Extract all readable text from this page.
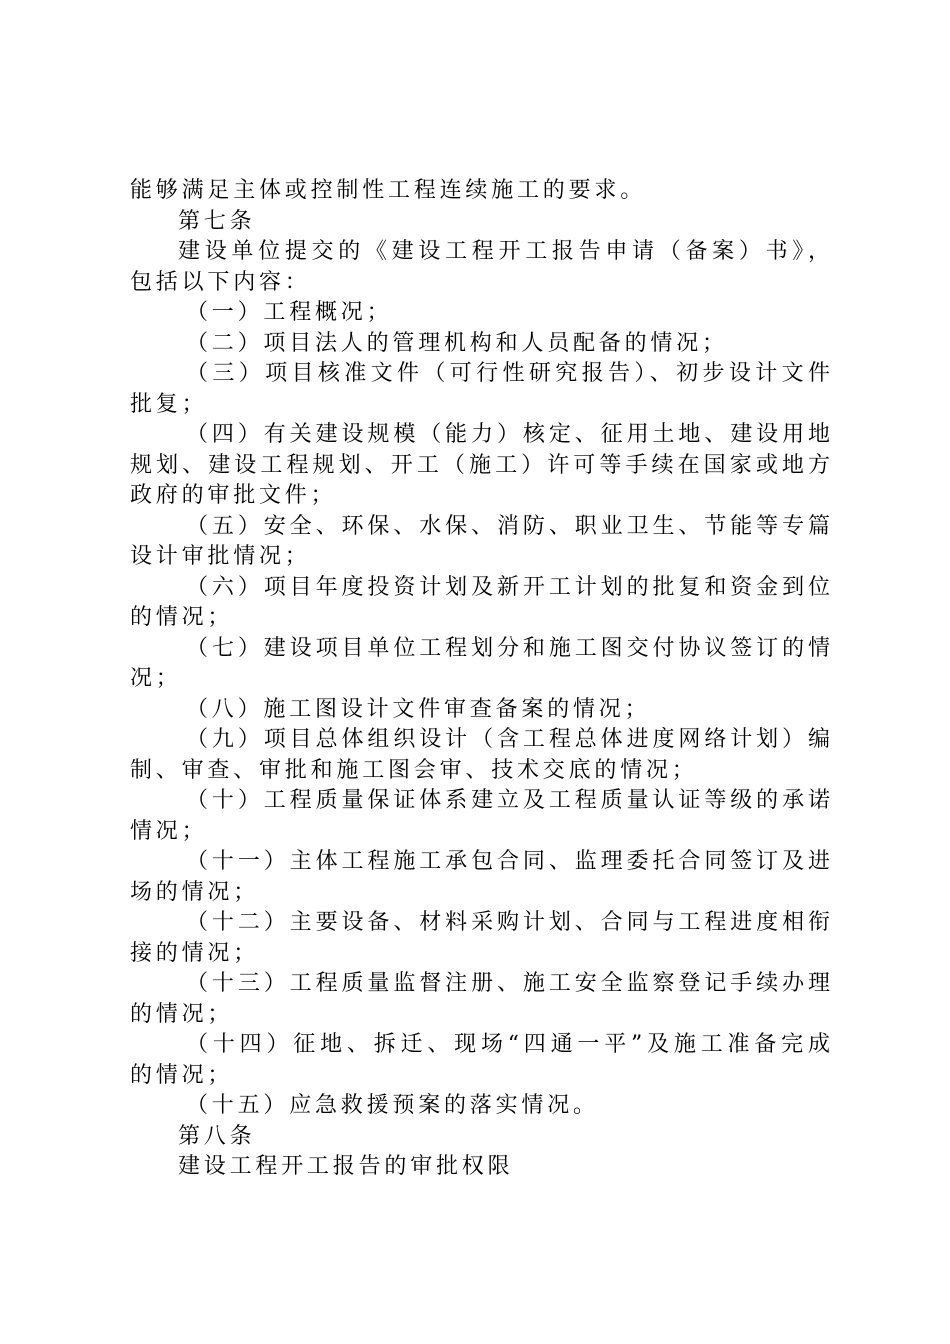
能够满足主体或控制性工程连续施工的要求。
第七条
建设单位提交的《建设工程开工报告申请（备案）书》，
包括以下内容：
（一）工程概况；
（二）项目法人的管理机构和人员配备的情况；
（三）项目核准文件（可行性研究报告）、初步设计文件
批复；
（四）有关建设规模（能力）核定、征用土地、建设用地
规划、建设工程规划、开工（施工）许可等手续在国家或地方
政府的审批文件；
（五）安全、环保、水保、消防、职业卫生、节能等专篇
设计审批情况；
（六）项目年度投资计划及新开工计划的批复和资金到位
的情况；
（七）建设项目单位工程划分和施工图交付协议签订的情
况；
（八）施工图设计文件审查备案的情况；
（九）项目总体组织设计（含工程总体进度网络计划）编
制、审查、审批和施工图会审、技术交底的情况；
（十）工程质量保证体系建立及工程质量认证等级的承诺
情况；
（十一）主体工程施工承包合同、监理委托合同签订及进
场的情况；
（十二）主要设备、材料采购计划、合同与工程进度相衔
接的情况；
（十三）工程质量监督注册、施工安全监察登记手续办理
的情况；
（十四）征地、拆迁、现场“四通一平”及施工准备完成
的情况；
（十五）应急救援预案的落实情况。
第八条
建设工程开工报告的审批权限
